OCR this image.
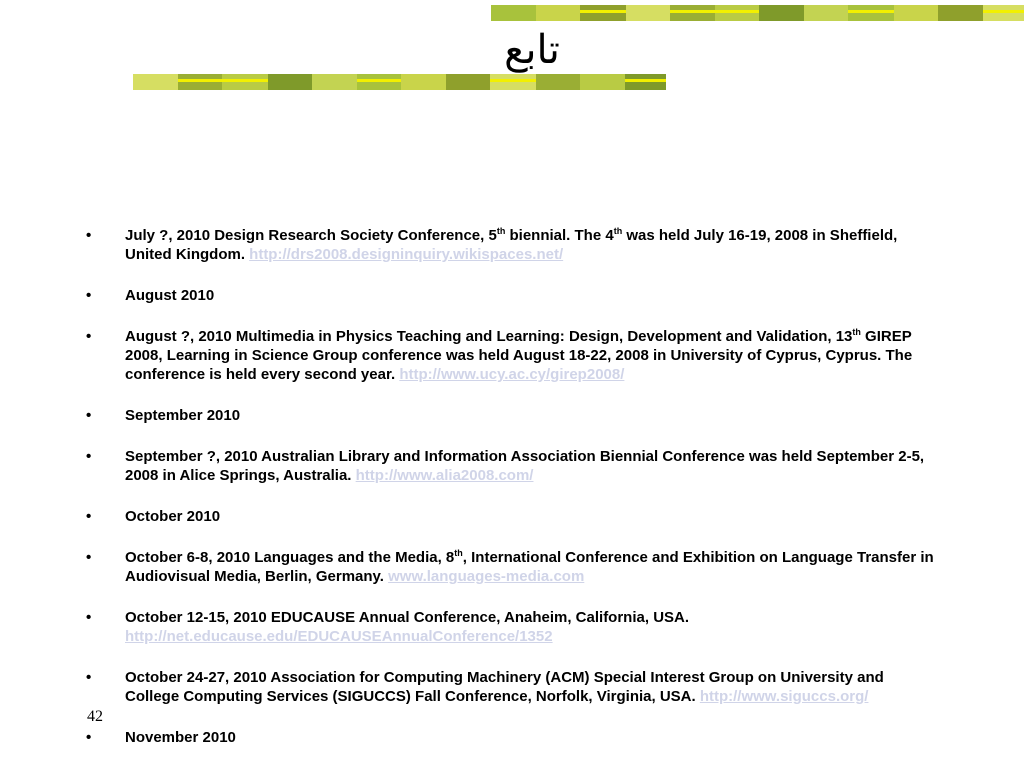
تابع
•	July ?, 2010 Design Research Society Conference, 5th biennial. The 4th was held July 16-19, 2008 in Sheffield, United Kingdom. http://drs2008.designinquiry.wikispaces.net/
•	August 2010
•	August ?, 2010 Multimedia in Physics Teaching and Learning: Design, Development and Validation, 13th GIREP 2008, Learning in Science Group conference was held August 18-22, 2008 in University of Cyprus, Cyprus. The conference is held every second year. http://www.ucy.ac.cy/girep2008/
•	September 2010
•	September ?, 2010 Australian Library and Information Association Biennial Conference was held September 2-5, 2008 in Alice Springs, Australia. http://www.alia2008.com/
•	October 2010
•	October 6-8, 2010 Languages and the Media, 8th, International Conference and Exhibition on Language Transfer in Audiovisual Media, Berlin, Germany. www.languages-media.com
•	October 12-15, 2010 EDUCAUSE Annual Conference, Anaheim, California, USA. http://net.educause.edu/EDUCAUSEAnnualConference/1352
•	October 24-27, 2010 Association for Computing Machinery (ACM) Special Interest Group on University and College Computing Services (SIGUCCS) Fall Conference, Norfolk, Virginia, USA. http://www.siguccs.org/
•	November 2010
42
